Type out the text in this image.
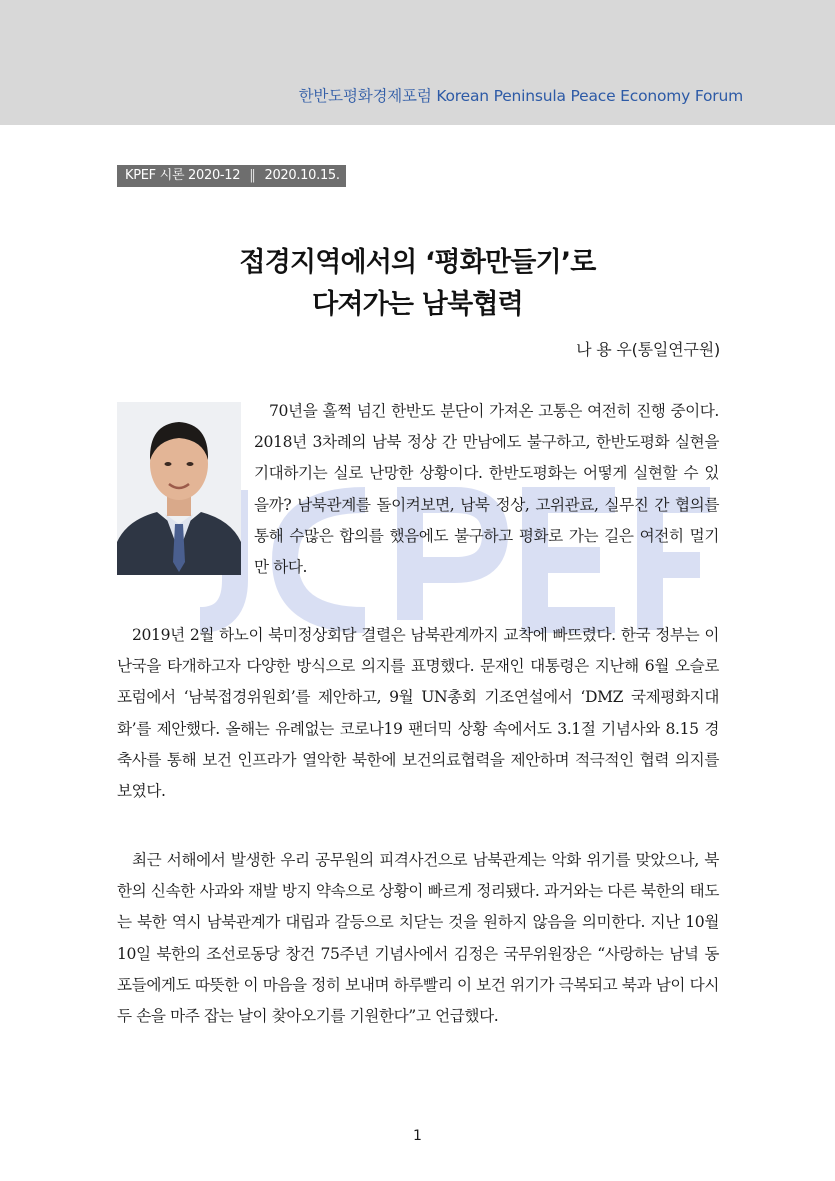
한반도평화경제포럼 Korean Peninsula Peace Economy Forum
KPEF 시론 2020-12 ‖ 2020.10.15.
접경지역에서의 ‘평화만들기’로
다져가는 남북협력
나 용 우(통일연구원)

70년을 훌쩍 넘긴 한반도 분단이 가져온 고통은 여전히 진행 중이다. 2018년 3차례의 남북 정상 간 만남에도 불구하고, 한반도평화 실현을 기대하기는 실로 난망한 상황이다. 한반도평화는 어떻게 실현할 수 있을까? 남북관계를 돌이켜보면, 남북 정상, 고위관료, 실무진 간 협의를 통해 수많은 합의를 했음에도 불구하고 평화로 가는 길은 여전히 멀기만 하다.

2019년 2월 하노이 북미정상회담 결렬은 남북관계까지 교착에 빠뜨렸다. 한국 정부는 이 난국을 타개하고자 다양한 방식으로 의지를 표명했다. 문재인 대통령은 지난해 6월 오슬로포럼에서 ‘남북접경위원회’를 제안하고, 9월 UN총회 기조연설에서 ‘DMZ 국제평화지대화’를 제안했다. 올해는 유례없는 코로나19 팬더믹 상황 속에서도 3.1절 기념사와 8.15 경축사를 통해 보건 인프라가 열악한 북한에 보건의료협력을 제안하며 적극적인 협력 의지를 보였다.

최근 서해에서 발생한 우리 공무원의 피격사건으로 남북관계는 악화 위기를 맞았으나, 북한의 신속한 사과와 재발 방지 약속으로 상황이 빠르게 정리됐다. 과거와는 다른 북한의 태도는 북한 역시 남북관계가 대립과 갈등으로 치닫는 것을 원하지 않음을 의미한다. 지난 10월 10일 북한의 조선로동당 창건 75주년 기념사에서 김정은 국무위원장은 “사랑하는 남녘 동포들에게도 따뜻한 이 마음을 정히 보내며 하루빨리 이 보건 위기가 극복되고 북과 남이 다시 두 손을 마주 잡는 날이 찾아오기를 기원한다”고 언급했다.

1
